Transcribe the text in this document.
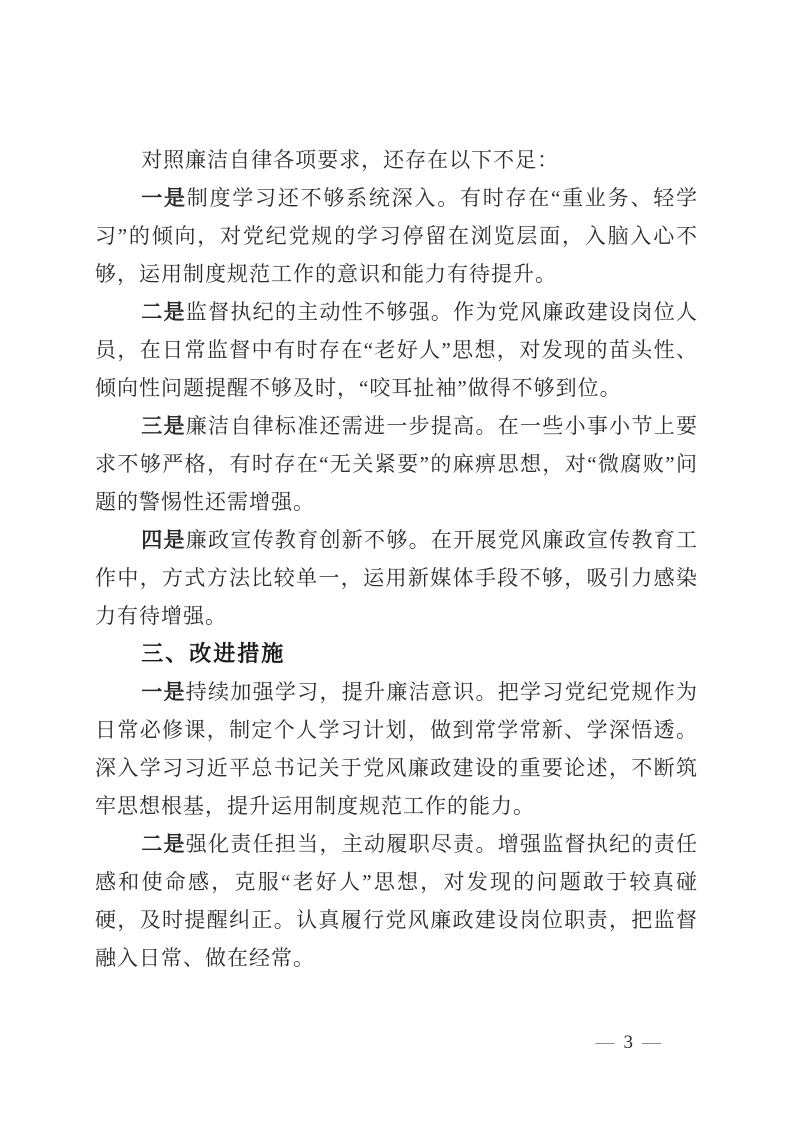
对照廉洁自律各项要求，还存在以下不足：

一是制度学习还不够系统深入。有时存在“重业务、轻学习”的倾向，对党纪党规的学习停留在浏览层面，入脑入心不够，运用制度规范工作的意识和能力有待提升。

二是监督执纪的主动性不够强。作为党风廉政建设岗位人员，在日常监督中有时存在“老好人”思想，对发现的苗头性、倾向性问题提醒不够及时，“咬耳扯袖”做得不够到位。

三是廉洁自律标准还需进一步提高。在一些小事小节上要求不够严格，有时存在“无关紧要”的麻痹思想，对“微腐败”问题的警惕性还需增强。

四是廉政宣传教育创新不够。在开展党风廉政宣传教育工作中，方式方法比较单一，运用新媒体手段不够，吸引力感染力有待增强。

三、改进措施

一是持续加强学习，提升廉洁意识。把学习党纪党规作为日常必修课，制定个人学习计划，做到常学常新、学深悟透。深入学习习近平总书记关于党风廉政建设的重要论述，不断筑牢思想根基，提升运用制度规范工作的能力。

二是强化责任担当，主动履职尽责。增强监督执纪的责任感和使命感，克服“老好人”思想，对发现的问题敢于较真碰硬，及时提醒纠正。认真履行党风廉政建设岗位职责，把监督融入日常、做在经常。

— 3 —
